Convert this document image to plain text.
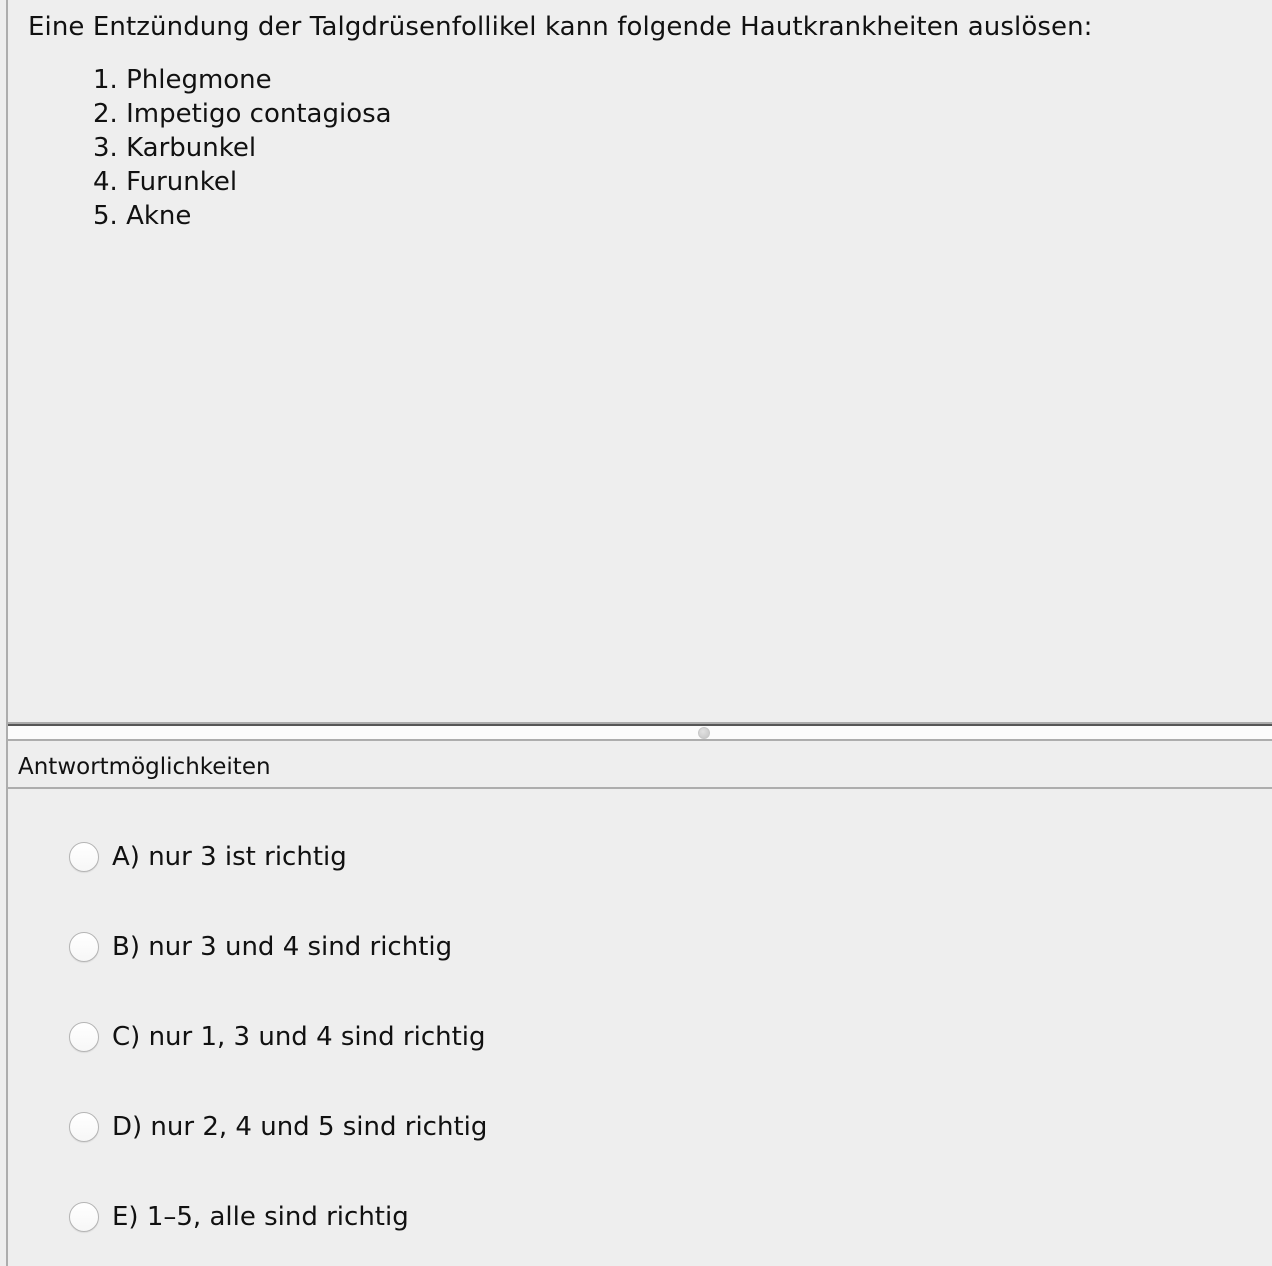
Eine Entzündung der Talgdrüsenfollikel kann folgende Hautkrankheiten auslösen:
1. Phlegmone
2. Impetigo contagiosa
3. Karbunkel
4. Furunkel
5. Akne
Antwortmöglichkeiten
A) nur 3 ist richtig
B) nur 3 und 4 sind richtig
C) nur 1, 3 und 4 sind richtig
D) nur 2, 4 und 5 sind richtig
E) 1–5, alle sind richtig
